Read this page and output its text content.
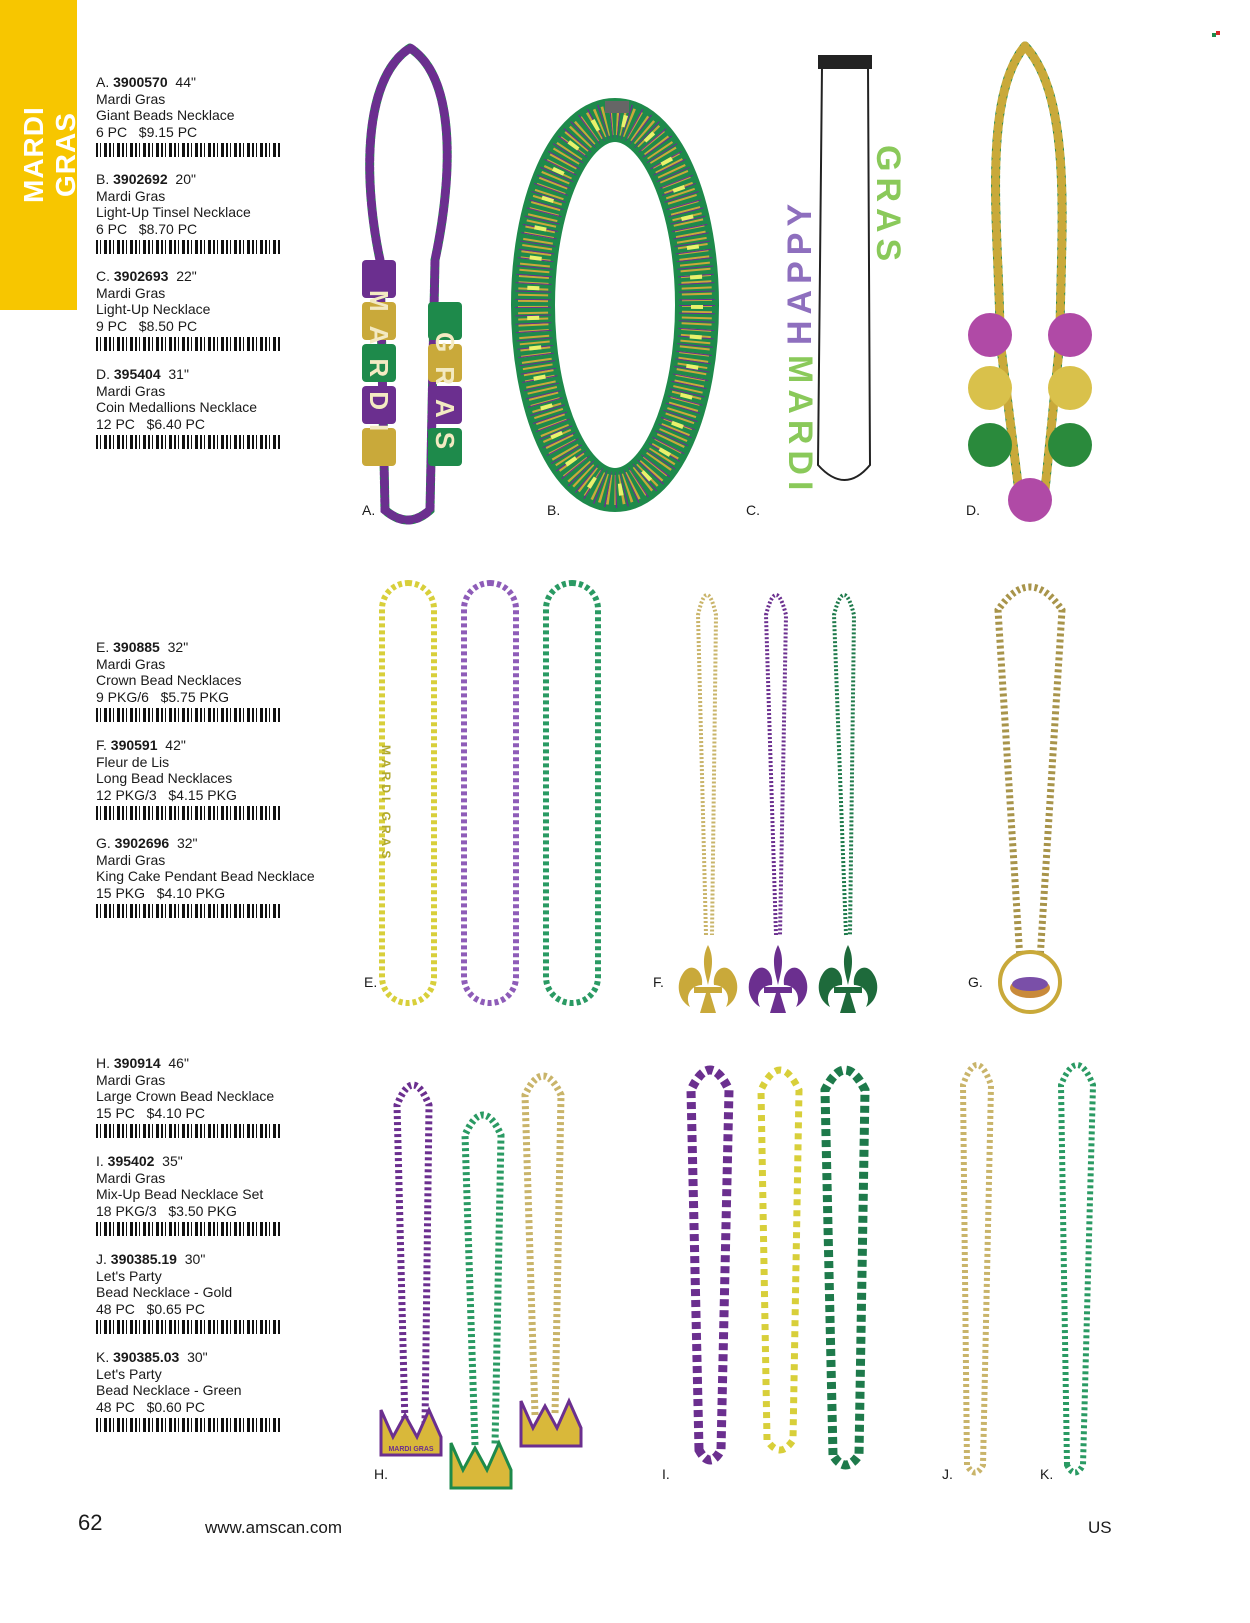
MARDI GRAS
A. 3900570 44"
Mardi Gras
Giant Beads Necklace
6 PC   $9.15 PC
B. 3902692 20"
Mardi Gras
Light-Up Tinsel Necklace
6 PC   $8.70 PC
C. 3902693 22"
Mardi Gras
Light-Up Necklace
9 PC   $8.50 PC
D. 395404 31"
Mardi Gras
Coin Medallions Necklace
12 PC   $6.40 PC
E. 390885 32"
Mardi Gras
Crown Bead Necklaces
9 PKG/6   $5.75 PKG
F. 390591 42"
Fleur de Lis
Long Bead Necklaces
12 PKG/3   $4.15 PKG
G. 3902696 32"
Mardi Gras
King Cake Pendant Bead Necklace
15 PKG   $4.10 PKG
H. 390914 46"
Mardi Gras
Large Crown Bead Necklace
15 PC   $4.10 PC
I. 395402 35"
Mardi Gras
Mix-Up Bead Necklace Set
18 PKG/3   $3.50 PKG
J. 390385.19 30"
Let's Party
Bead Necklace - Gold
48 PC   $0.65 PC
K. 390385.03 30"
Let's Party
Bead Necklace - Green
48 PC   $0.60 PC
MARDI GRAS
HAPPY
MARDI
GRAS
MARDI GRAS
MARDI GRAS
A.	B.	C.	D.
E.	F.	G.
H.	I.	J.	K.
62	www.amscan.com	US
